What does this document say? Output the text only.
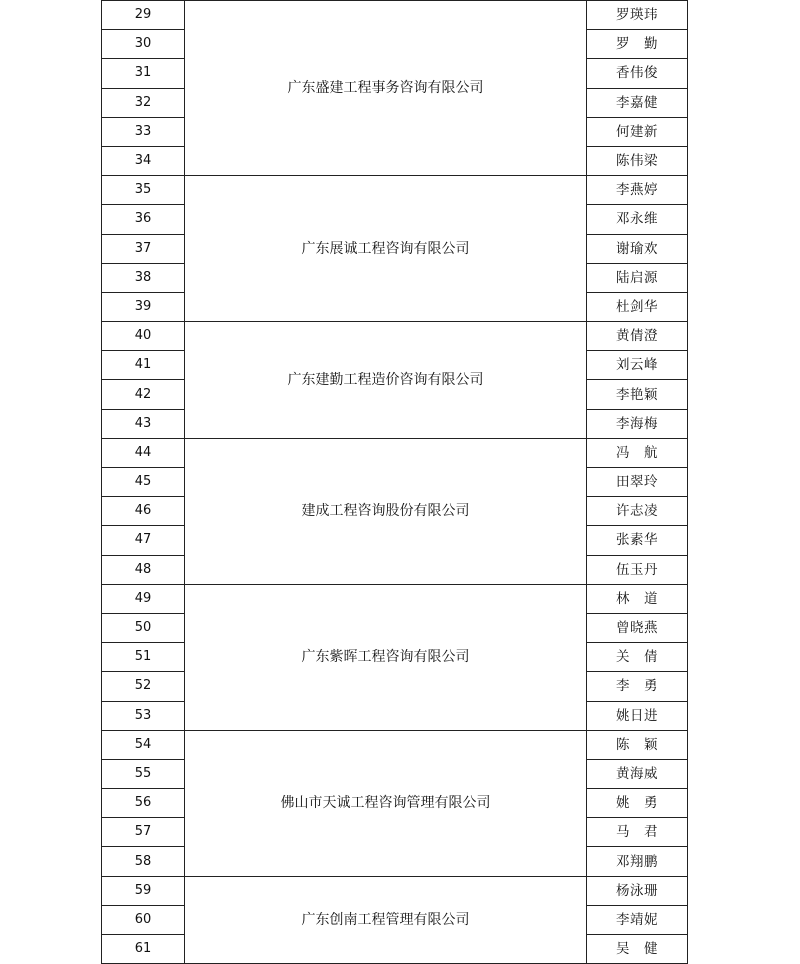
29	广东盛建工程事务咨询有限公司	罗瑛玮
30		罗　勤
31		香伟俊
32		李嘉健
33		何建新
34		陈伟梁
35	广东展诚工程咨询有限公司	李燕婷
36		邓永维
37		谢瑜欢
38		陆启源
39		杜剑华
40	广东建勤工程造价咨询有限公司	黄倩澄
41		刘云峰
42		李艳颖
43		李海梅
44	建成工程咨询股份有限公司	冯　航
45		田翠玲
46		许志凌
47		张素华
48		伍玉丹
49	广东紫晖工程咨询有限公司	林　道
50		曾晓燕
51		关　倩
52		李　勇
53		姚日进
54	佛山市天诚工程咨询管理有限公司	陈　颖
55		黄海威
56		姚　勇
57		马　君
58		邓翔鹏
59	广东创南工程管理有限公司	杨泳珊
60		李靖妮
61		吴　健
